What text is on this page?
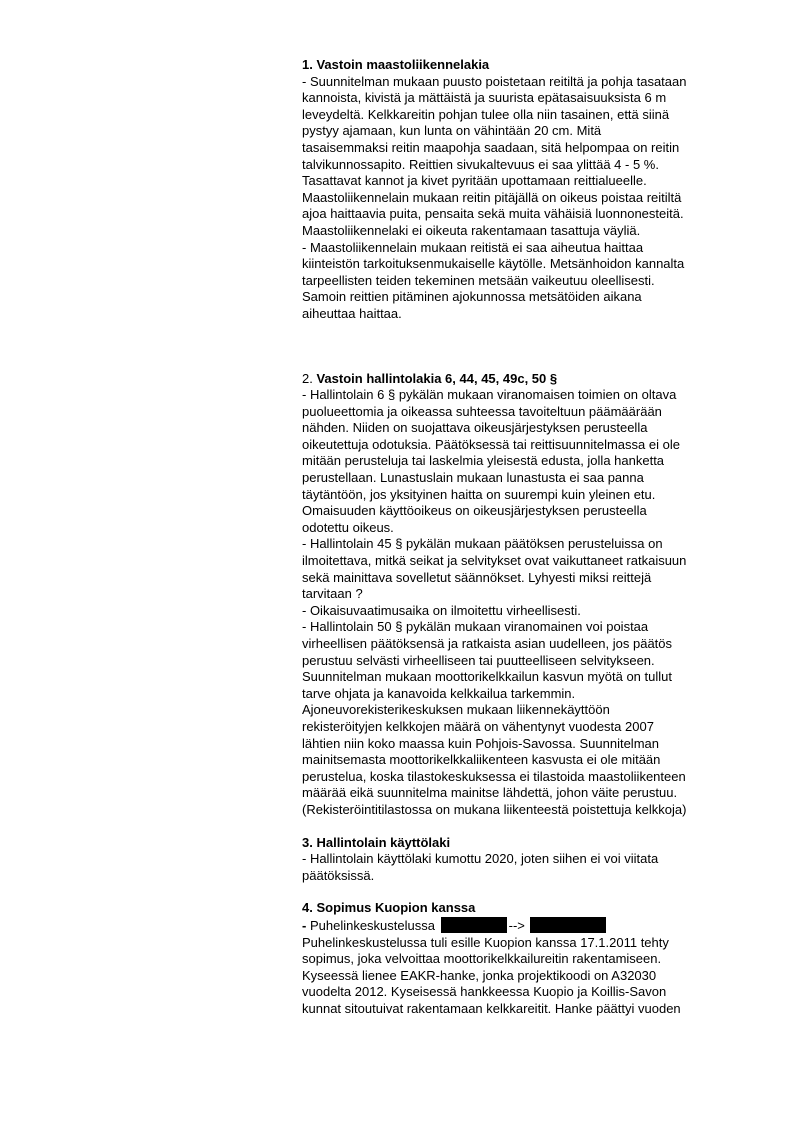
1. Vastoin maastoliikennelakia
- Suunnitelman mukaan puusto poistetaan reitiltä ja pohja tasataan
kannoista, kivistä ja mättäistä ja suurista epätasaisuuksista 6 m
leveydeltä. Kelkkareitin pohjan tulee olla niin tasainen, että siinä
pystyy ajamaan, kun lunta on vähintään 20 cm. Mitä
tasaisemmaksi reitin maapohja saadaan, sitä helpompaa on reitin
talvikunnossapito. Reittien sivukaltevuus ei saa ylittää 4 - 5 %.
Tasattavat kannot ja kivet pyritään upottamaan reittialueelle.
Maastoliikennelain mukaan reitin pitäjällä on oikeus poistaa reitiltä
ajoa haittaavia puita, pensaita sekä muita vähäisiä luonnonesteitä.
Maastoliikennelaki ei oikeuta rakentamaan tasattuja väyliä.
- Maastoliikennelain mukaan reitistä ei saa aiheutua haittaa
kiinteistön tarkoituksenmukaiselle käytölle. Metsänhoidon kannalta
tarpeellisten teiden tekeminen metsään vaikeutuu oleellisesti.
Samoin reittien pitäminen ajokunnossa metsätöiden aikana
aiheuttaa haittaa.
2. Vastoin hallintolakia 6, 44, 45, 49c, 50 §
- Hallintolain 6 § pykälän mukaan viranomaisen toimien on oltava
puolueettomia ja oikeassa suhteessa tavoiteltuun päämäärään
nähden. Niiden on suojattava oikeusjärjestyksen perusteella
oikeutettuja odotuksia. Päätöksessä tai reittisuunnitelmassa ei ole
mitään perusteluja tai laskelmia yleisestä edusta, jolla hanketta
perustellaan. Lunastuslain mukaan lunastusta ei saa panna
täytäntöön, jos yksityinen haitta on suurempi kuin yleinen etu.
Omaisuuden käyttöoikeus on oikeusjärjestyksen perusteella
odotettu oikeus.
- Hallintolain 45 § pykälän mukaan päätöksen perusteluissa on
ilmoitettava, mitkä seikat ja selvitykset ovat vaikuttaneet ratkaisuun
sekä mainittava sovelletut säännökset. Lyhyesti miksi reittejä
tarvitaan ?
- Oikaisuvaatimusaika on ilmoitettu virheellisesti.
- Hallintolain 50 § pykälän mukaan viranomainen voi poistaa
virheellisen päätöksensä ja ratkaista asian uudelleen, jos päätös
perustuu selvästi virheelliseen tai puutteelliseen selvitykseen.
Suunnitelman mukaan moottorikelkkailun kasvun myötä on tullut
tarve ohjata ja kanavoida kelkkailua tarkemmin.
Ajoneuvorekisterikeskuksen mukaan liikennekäyttöön
rekisteröityjen kelkkojen määrä on vähentynyt vuodesta 2007
lähtien niin koko maassa kuin Pohjois-Savossa. Suunnitelman
mainitsemasta moottorikelkkaliikenteen kasvusta ei ole mitään
perustelua, koska tilastokeskuksessa ei tilastoida maastoliikenteen
määrää eikä suunnitelma mainitse lähdettä, johon väite perustuu.
(Rekisteröintitilastossa on mukana liikenteestä poistettuja kelkkoja)
3. Hallintolain käyttölaki
- Hallintolain käyttölaki kumottu 2020, joten siihen ei voi viitata
päätöksissä.
4. Sopimus Kuopion kanssa
- Puhelinkeskustelussa	-->
Puhelinkeskustelussa tuli esille Kuopion kanssa 17.1.2011 tehty
sopimus, joka velvoittaa moottorikelkkailureitin rakentamiseen.
Kyseessä lienee EAKR-hanke, jonka projektikoodi on A32030
vuodelta 2012. Kyseisessä hankkeessa Kuopio ja Koillis-Savon
kunnat sitoutuivat rakentamaan kelkkareitit. Hanke päättyi vuoden
